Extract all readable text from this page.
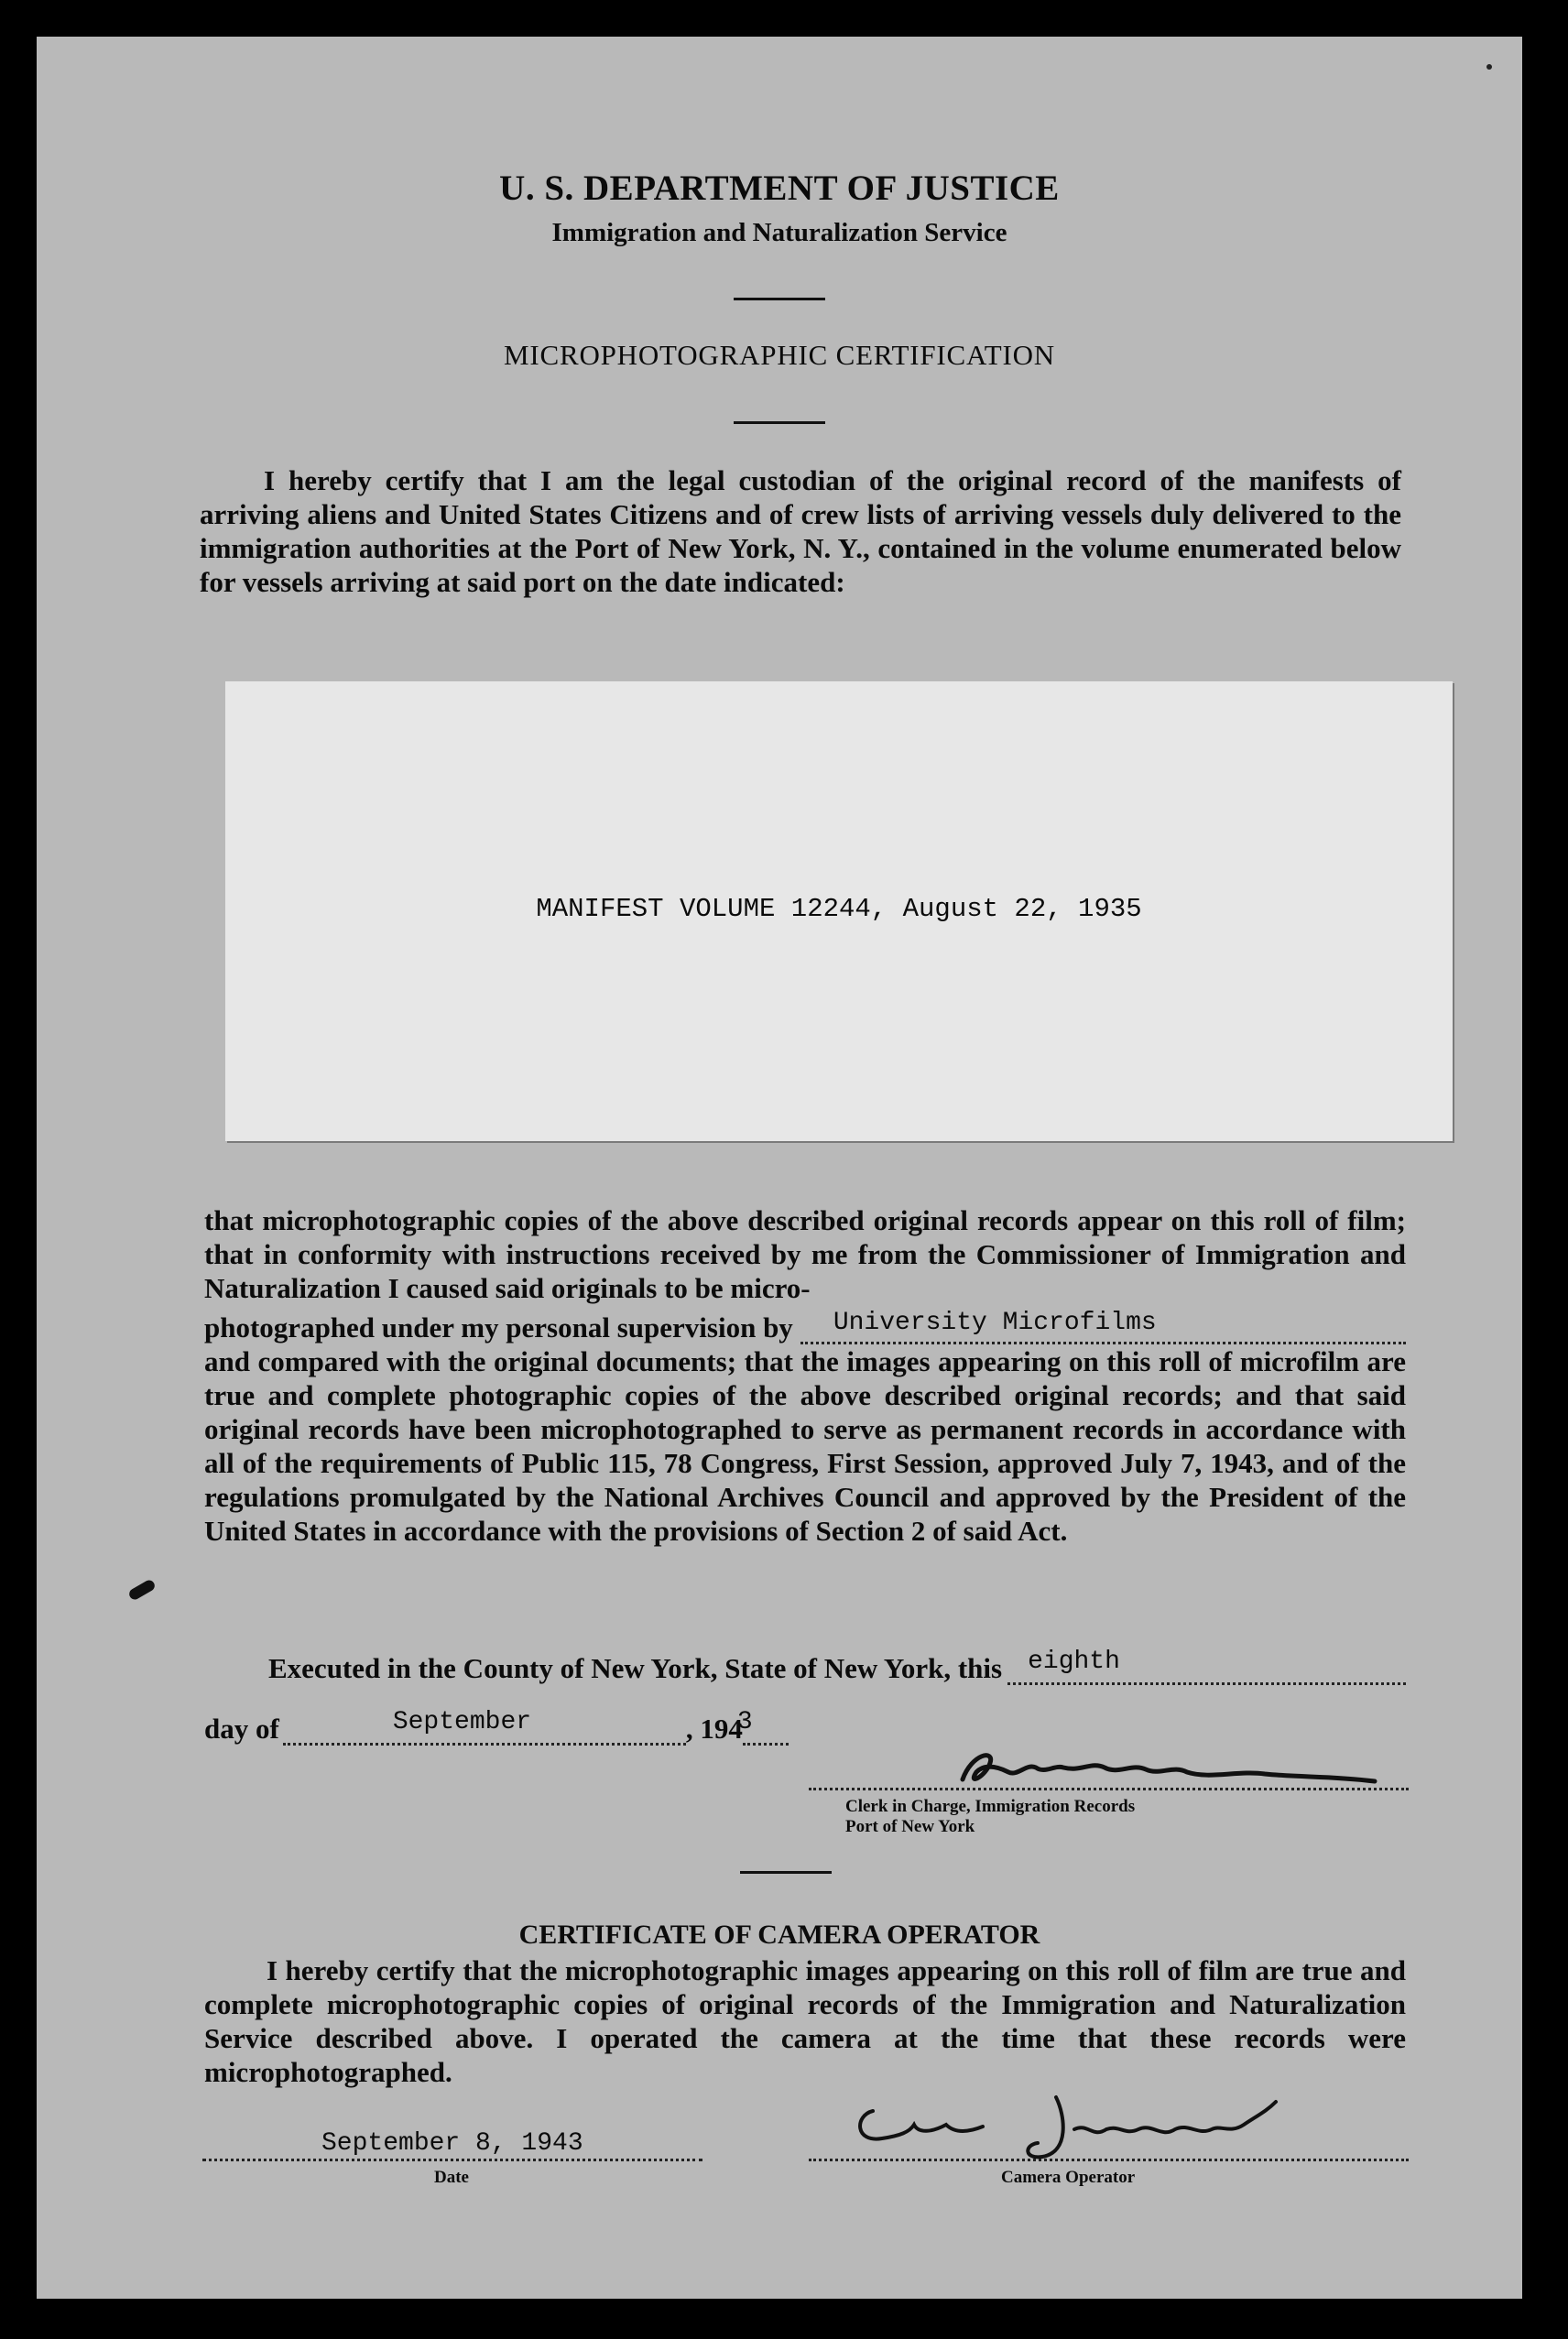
U. S. DEPARTMENT OF JUSTICE
Immigration and Naturalization Service
MICROPHOTOGRAPHIC CERTIFICATION
I hereby certify that I am the legal custodian of the original record of the manifests of arriving aliens and United States Citizens and of crew lists of arriving vessels duly delivered to the immigration authorities at the Port of New York, N. Y., contained in the volume enumerated below for vessels arriving at said port on the date indicated:
MANIFEST VOLUME 12244, August 22, 1935
that microphotographic copies of the above described original records appear on this roll of film; that in conformity with instructions received by me from the Commissioner of Immigration and Naturalization I caused said originals to be micro-
photographed under my personal supervision by University Microfilms
and compared with the original documents; that the images appearing on this roll of microfilm are true and complete photographic copies of the above described original records; and that said original records have been microphotographed to serve as permanent records in accordance with all of the requirements of Public 115, 78 Congress, First Session, approved July 7, 1943, and of the regulations promulgated by the National Archives Council and approved by the President of the United States in accordance with the provisions of Section 2 of said Act.
Executed in the County of New York, State of New York, this eighth
day of	September	, 194
3
Clerk in Charge, Immigration Records
Port of New York
CERTIFICATE OF CAMERA OPERATOR
I hereby certify that the microphotographic images appearing on this roll of film are true and complete microphotographic copies of original records of the Immigration and Naturalization Service described above. I operated the camera at the time that these records were microphotographed.
September 8, 1943
Date	Camera Operator
